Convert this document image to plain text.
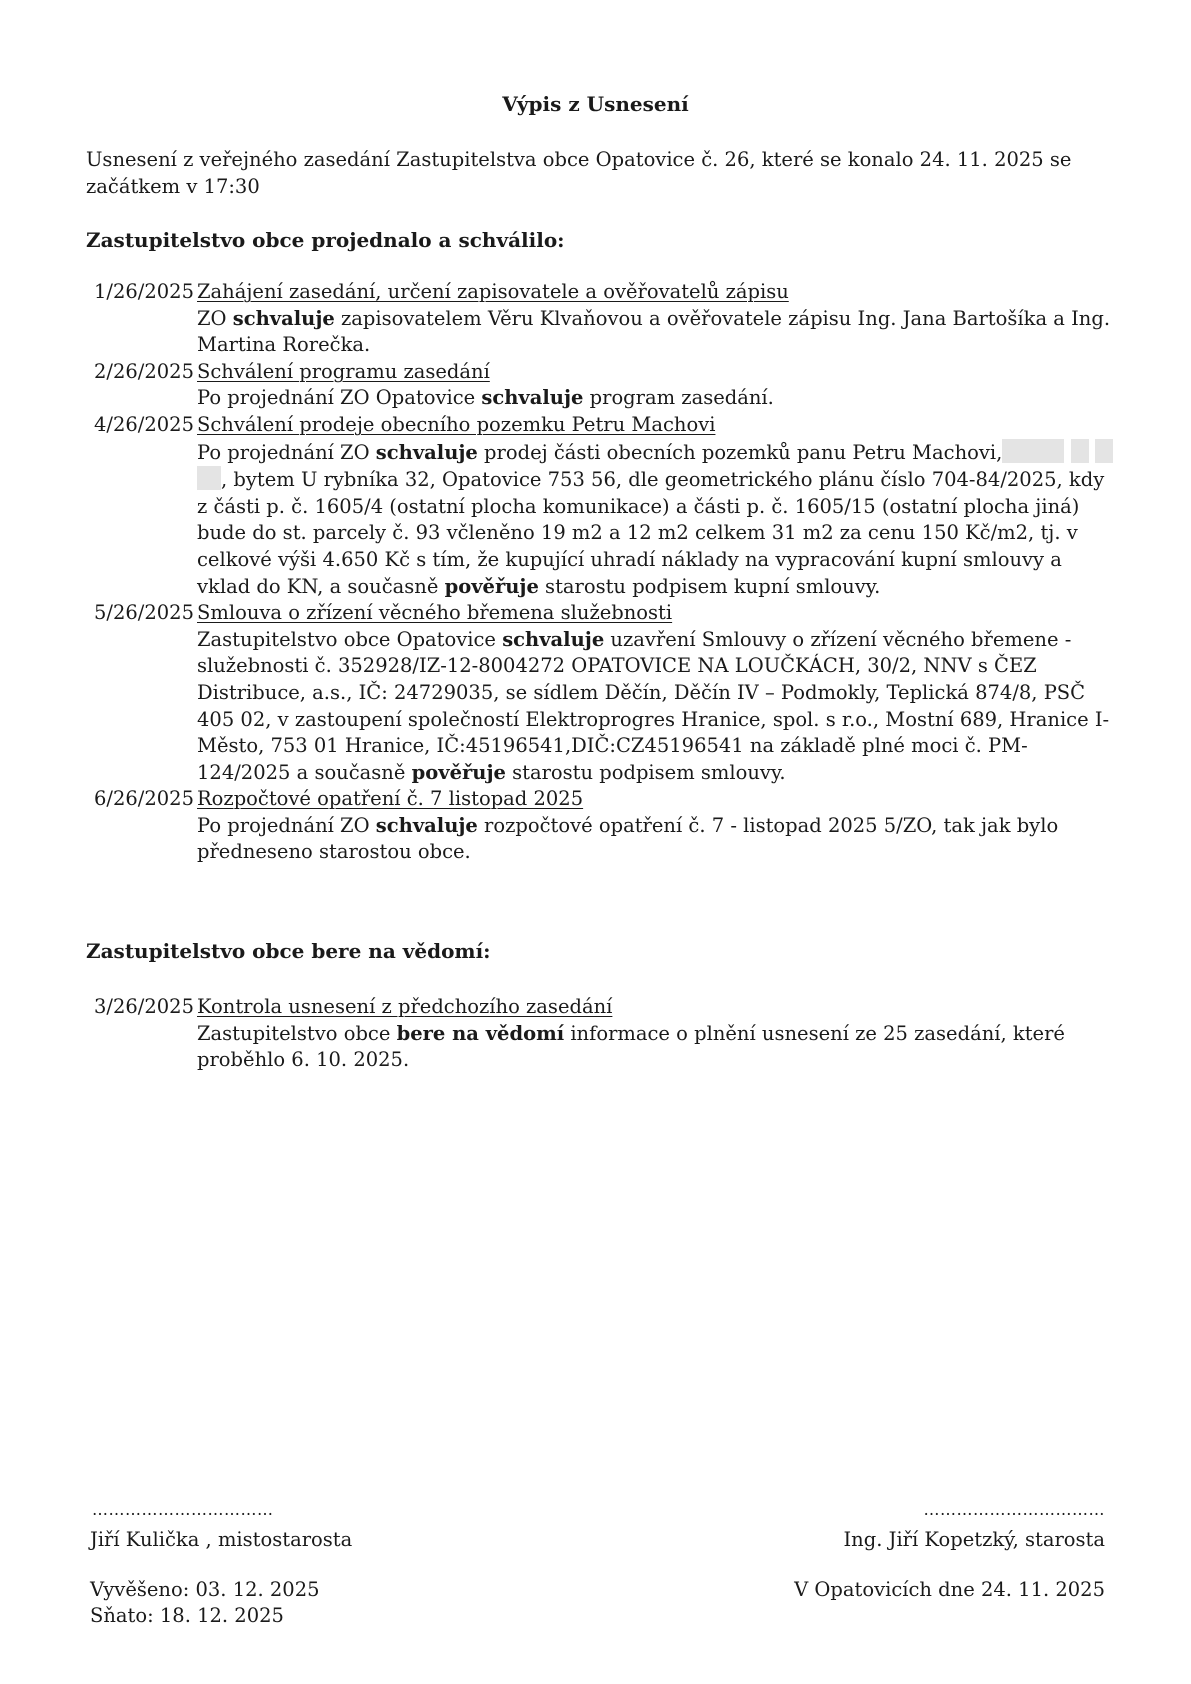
Výpis z Usnesení
Usnesení z veřejného zasedání Zastupitelstva obce Opatovice č. 26, které se konalo 24. 11. 2025 se začátkem v 17:30
Zastupitelstvo obce projednalo a schválilo:
1/26/2025 Zahájení zasedání, určení zapisovatele a ověřovatelů zápisu
ZO schvaluje zapisovatelem Věru Klvaňovou a ověřovatele zápisu Ing. Jana Bartošíka a Ing. Martina Rorečka.
2/26/2025 Schválení programu zasedání
Po projednání ZO Opatovice schvaluje program zasedání.
4/26/2025 Schválení prodeje obecního pozemku Petru Machovi
Po projednání ZO schvaluje prodej části obecních pozemků panu Petru Machovi,   , bytem U rybníka 32, Opatovice 753 56, dle geometrického plánu číslo 704-84/2025, kdy z části p. č. 1605/4 (ostatní plocha komunikace) a části p. č. 1605/15 (ostatní plocha jiná) bude do st. parcely č. 93 včleněno 19 m2 a 12 m2 celkem 31 m2 za cenu 150 Kč/m2, tj. v celkové výši 4.650 Kč s tím, že kupující uhradí náklady na vypracování kupní smlouvy a vklad do KN, a současně pověřuje starostu podpisem kupní smlouvy.
5/26/2025 Smlouva o zřízení věcného břemena služebnosti
Zastupitelstvo obce Opatovice schvaluje uzavření Smlouvy o zřízení věcného břemene - služebnosti č. 352928/IZ-12-8004272 OPATOVICE NA LOUČKÁCH, 30/2, NNV s ČEZ Distribuce, a.s., IČ: 24729035, se sídlem Děčín, Děčín IV – Podmokly, Teplická 874/8, PSČ 405 02, v zastoupení společností Elektroprogres Hranice, spol. s r.o., Mostní 689, Hranice I-Město, 753 01 Hranice, IČ:45196541,DIČ:CZ45196541 na základě plné moci č. PM-124/2025 a současně pověřuje starostu podpisem smlouvy.
6/26/2025 Rozpočtové opatření č. 7 listopad 2025
Po projednání ZO schvaluje rozpočtové opatření č. 7 - listopad 2025 5/ZO, tak jak bylo předneseno starostou obce.
Zastupitelstvo obce bere na vědomí:
3/26/2025 Kontrola usnesení z předchozího zasedání
Zastupitelstvo obce bere na vědomí informace o plnění usnesení ze 25 zasedání, které proběhlo 6. 10. 2025.
……………………………	……………………………
Jiří Kulička , mistostarosta	Ing. Jiří Kopetzký, starosta
Vyvěšeno: 03. 12. 2025
Sňato: 18. 12. 2025
V Opatovicích dne 24. 11. 2025
